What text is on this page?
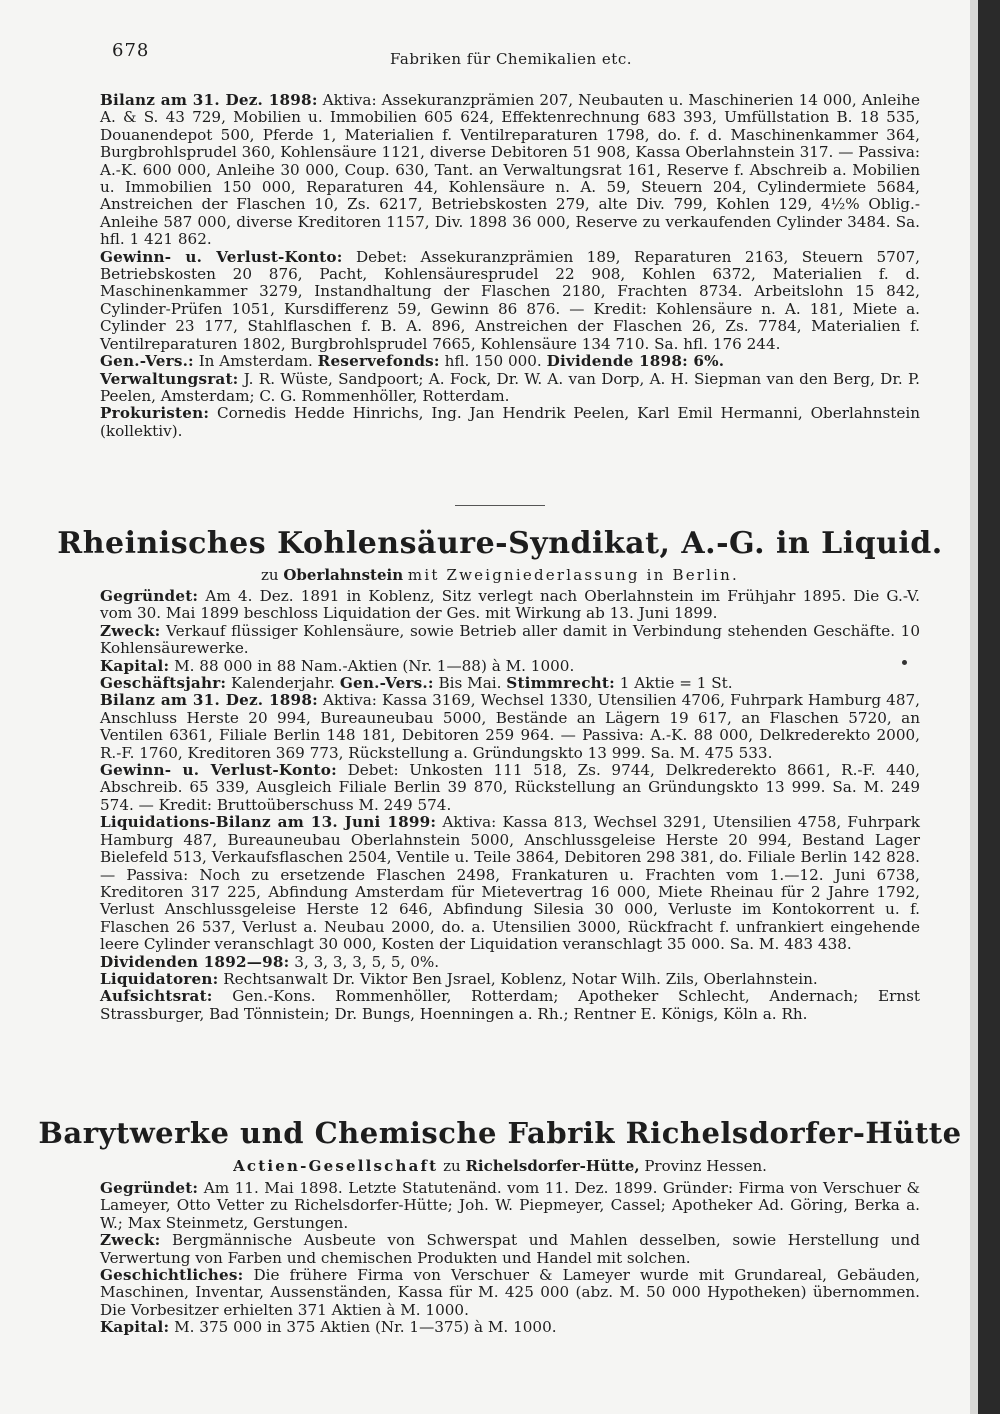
678	Fabriken für Chemikalien etc.

Bilanz am 31. Dez. 1898: Aktiva: Assekuranzprämien 207, Neubauten u. Maschinerien 14 000, Anleihe A. & S. 43 729, Mobilien u. Immobilien 605 624, Effektenrechnung 683 393, Umfüllstation B. 18 535, Douanendepot 500, Pferde 1, Materialien f. Ventilreparaturen 1798, do. f. d. Maschinenkammer 364, Burgbrohlsprudel 360, Kohlensäure 1121, diverse Debitoren 51 908, Kassa Oberlahnstein 317. — Passiva: A.-K. 600 000, Anleihe 30 000, Coup. 630, Tant. an Verwaltungsrat 161, Reserve f. Abschreib a. Mobilien u. Immobilien 150 000, Reparaturen 44, Kohlensäure n. A. 59, Steuern 204, Cylindermiete 5684, Anstreichen der Flaschen 10, Zs. 6217, Betriebskosten 279, alte Div. 799, Kohlen 129, 4½% Oblig.-Anleihe 587 000, diverse Kreditoren 1157, Div. 1898 36 000, Reserve zu verkaufenden Cylinder 3484. Sa. hfl. 1 421 862.

Gewinn- u. Verlust-Konto: Debet: Assekuranzprämien 189, Reparaturen 2163, Steuern 5707, Betriebskosten 20 876, Pacht, Kohlensäuresprudel 22 908, Kohlen 6372, Materialien f. d. Maschinenkammer 3279, Instandhaltung der Flaschen 2180, Frachten 8734. Arbeitslohn 15 842, Cylinder-Prüfen 1051, Kursdifferenz 59, Gewinn 86 876. — Kredit: Kohlensäure n. A. 181, Miete a. Cylinder 23 177, Stahlflaschen f. B. A. 896, Anstreichen der Flaschen 26, Zs. 7784, Materialien f. Ventilreparaturen 1802, Burgbrohlsprudel 7665, Kohlensäure 134 710. Sa. hfl. 176 244.

Gen.-Vers.: In Amsterdam. Reservefonds: hfl. 150 000. Dividende 1898: 6%.

Verwaltungsrat: J. R. Wüste, Sandpoort; A. Fock, Dr. W. A. van Dorp, A. H. Siepman van den Berg, Dr. P. Peelen, Amsterdam; C. G. Rommenhöller, Rotterdam.

Prokuristen: Cornedis Hedde Hinrichs, Ing. Jan Hendrik Peelen, Karl Emil Hermanni, Oberlahnstein (kollektiv).

Rheinisches Kohlensäure-Syndikat, A.-G. in Liquid.
zu Oberlahnstein mit Zweigniederlassung in Berlin.

Gegründet: Am 4. Dez. 1891 in Koblenz, Sitz verlegt nach Oberlahnstein im Frühjahr 1895. Die G.-V. vom 30. Mai 1899 beschloss Liquidation der Ges. mit Wirkung ab 13. Juni 1899.

Zweck: Verkauf flüssiger Kohlensäure, sowie Betrieb aller damit in Verbindung stehenden Geschäfte. 10 Kohlensäurewerke.

Kapital: M. 88 000 in 88 Nam.-Aktien (Nr. 1—88) à M. 1000.

Geschäftsjahr: Kalenderjahr. Gen.-Vers.: Bis Mai. Stimmrecht: 1 Aktie = 1 St.

Bilanz am 31. Dez. 1898: Aktiva: Kassa 3169, Wechsel 1330, Utensilien 4706, Fuhrpark Hamburg 487, Anschluss Herste 20 994, Bureauneubau 5000, Bestände an Lägern 19 617, an Flaschen 5720, an Ventilen 6361, Filiale Berlin 148 181, Debitoren 259 964. — Passiva: A.-K. 88 000, Delkrederekto 2000, R.-F. 1760, Kreditoren 369 773, Rückstellung a. Gründungskto 13 999. Sa. M. 475 533.

Gewinn- u. Verlust-Konto: Debet: Unkosten 111 518, Zs. 9744, Delkrederekto 8661, R.-F. 440, Abschreib. 65 339, Ausgleich Filiale Berlin 39 870, Rückstellung an Gründungskto 13 999. Sa. M. 249 574. — Kredit: Bruttoüberschuss M. 249 574.

Liquidations-Bilanz am 13. Juni 1899: Aktiva: Kassa 813, Wechsel 3291, Utensilien 4758, Fuhrpark Hamburg 487, Bureauneubau Oberlahnstein 5000, Anschlussgeleise Herste 20 994, Bestand Lager Bielefeld 513, Verkaufsflaschen 2504, Ventile u. Teile 3864, Debitoren 298 381, do. Filiale Berlin 142 828. — Passiva: Noch zu ersetzende Flaschen 2498, Frankaturen u. Frachten vom 1.—12. Juni 6738, Kreditoren 317 225, Abfindung Amsterdam für Mietevertrag 16 000, Miete Rheinau für 2 Jahre 1792, Verlust Anschlussgeleise Herste 12 646, Abfindung Silesia 30 000, Verluste im Kontokorrent u. f. Flaschen 26 537, Verlust a. Neubau 2000, do. a. Utensilien 3000, Rückfracht f. unfrankiert eingehende leere Cylinder veranschlagt 30 000, Kosten der Liquidation veranschlagt 35 000. Sa. M. 483 438.

Dividenden 1892—98: 3, 3, 3, 3, 5, 5, 0%.

Liquidatoren: Rechtsanwalt Dr. Viktor Ben Jsrael, Koblenz, Notar Wilh. Zils, Oberlahnstein.

Aufsichtsrat: Gen.-Kons. Rommenhöller, Rotterdam; Apotheker Schlecht, Andernach; Ernst Strassburger, Bad Tönnistein; Dr. Bungs, Hoenningen a. Rh.; Rentner E. Königs, Köln a. Rh.

Barytwerke und Chemische Fabrik Richelsdorfer-Hütte
Actien-Gesellschaft zu Richelsdorfer-Hütte, Provinz Hessen.

Gegründet: Am 11. Mai 1898. Letzte Statutenänd. vom 11. Dez. 1899. Gründer: Firma von Verschuer & Lameyer, Otto Vetter zu Richelsdorfer-Hütte; Joh. W. Piepmeyer, Cassel; Apotheker Ad. Göring, Berka a. W.; Max Steinmetz, Gerstungen.

Zweck: Bergmännische Ausbeute von Schwerspat und Mahlen desselben, sowie Herstellung und Verwertung von Farben und chemischen Produkten und Handel mit solchen.

Geschichtliches: Die frühere Firma von Verschuer & Lameyer wurde mit Grundareal, Gebäuden, Maschinen, Inventar, Aussenständen, Kassa für M. 425 000 (abz. M. 50 000 Hypotheken) übernommen. Die Vorbesitzer erhielten 371 Aktien à M. 1000.

Kapital: M. 375 000 in 375 Aktien (Nr. 1—375) à M. 1000.
